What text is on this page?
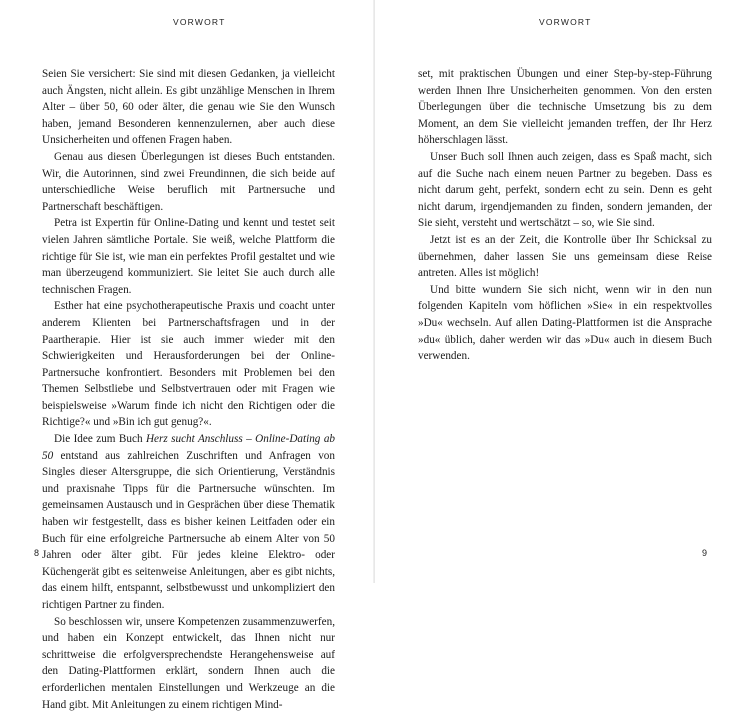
VORWORT

Seien Sie versichert: Sie sind mit diesen Gedanken, ja vielleicht auch Ängsten, nicht allein. Es gibt unzählige Menschen in Ihrem Alter – über 50, 60 oder älter, die genau wie Sie den Wunsch haben, jemand Besonderen kennenzulernen, aber auch diese Unsicherheiten und offenen Fragen haben.

Genau aus diesen Überlegungen ist dieses Buch entstanden. Wir, die Autorinnen, sind zwei Freundinnen, die sich beide auf unterschiedliche Weise beruflich mit Partnersuche und Partnerschaft beschäftigen.

Petra ist Expertin für Online-Dating und kennt und testet seit vielen Jahren sämtliche Portale. Sie weiß, welche Plattform die richtige für Sie ist, wie man ein perfektes Profil gestaltet und wie man überzeugend kommuniziert. Sie leitet Sie auch durch alle technischen Fragen.

Esther hat eine psychotherapeutische Praxis und coacht unter anderem Klienten bei Partnerschaftsfragen und in der Paartherapie. Hier ist sie auch immer wieder mit den Schwierigkeiten und Herausforderungen bei der Online-Partnersuche konfrontiert. Besonders mit Problemen bei den Themen Selbstliebe und Selbstvertrauen oder mit Fragen wie beispielsweise »Warum finde ich nicht den Richtigen oder die Richtige?« und »Bin ich gut genug?«.

Die Idee zum Buch Herz sucht Anschluss – Online-Dating ab 50 entstand aus zahlreichen Zuschriften und Anfragen von Singles dieser Altersgruppe, die sich Orientierung, Verständnis und praxisnahe Tipps für die Partnersuche wünschten. Im gemeinsamen Austausch und in Gesprächen über diese Thematik haben wir festgestellt, dass es bisher keinen Leitfaden oder ein Buch für eine erfolgreiche Partnersuche ab einem Alter von 50 Jahren oder älter gibt. Für jedes kleine Elektro- oder Küchengerät gibt es seitenweise Anleitungen, aber es gibt nichts, das einem hilft, entspannt, selbstbewusst und unkompliziert den richtigen Partner zu finden.

So beschlossen wir, unsere Kompetenzen zusammenzuwerfen, und haben ein Konzept entwickelt, das Ihnen nicht nur schrittweise die erfolgversprechendste Herangehensweise auf den Dating-Plattformen erklärt, sondern Ihnen auch die erforderlichen mentalen Einstellungen und Werkzeuge an die Hand gibt. Mit Anleitungen zu einem richtigen Mind-

8
VORWORT

set, mit praktischen Übungen und einer Step-by-step-Führung werden Ihnen Ihre Unsicherheiten genommen. Von den ersten Überlegungen über die technische Umsetzung bis zu dem Moment, an dem Sie vielleicht jemanden treffen, der Ihr Herz höherschlagen lässt.

Unser Buch soll Ihnen auch zeigen, dass es Spaß macht, sich auf die Suche nach einem neuen Partner zu begeben. Dass es nicht darum geht, perfekt, sondern echt zu sein. Denn es geht nicht darum, irgendjemanden zu finden, sondern jemanden, der Sie sieht, versteht und wertschätzt – so, wie Sie sind.

Jetzt ist es an der Zeit, die Kontrolle über Ihr Schicksal zu übernehmen, daher lassen Sie uns gemeinsam diese Reise antreten. Alles ist möglich!

Und bitte wundern Sie sich nicht, wenn wir in den nun folgenden Kapiteln vom höflichen »Sie« in ein respektvolles »Du« wechseln. Auf allen Dating-Plattformen ist die Ansprache »du« üblich, daher werden wir das »Du« auch in diesem Buch verwenden.

9
